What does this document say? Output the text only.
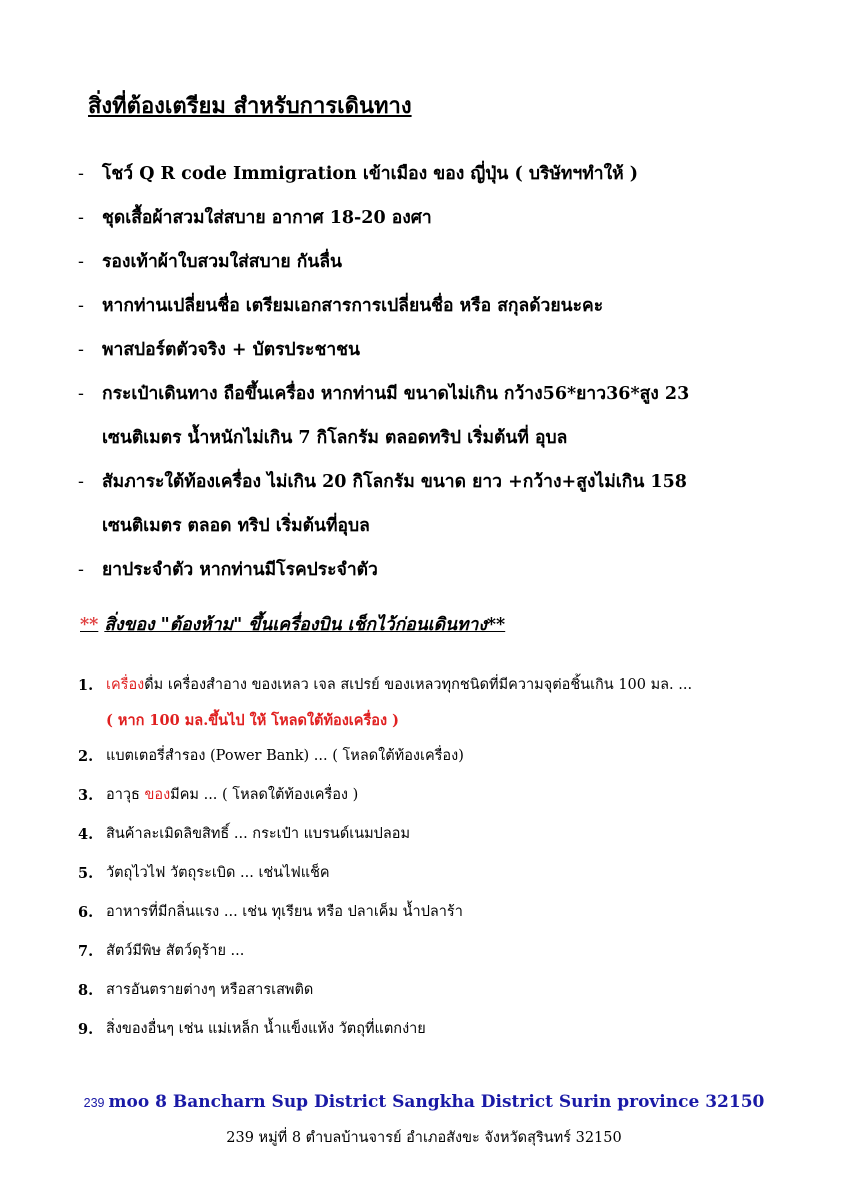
สิ่งที่ต้องเตรียม สำหรับการเดินทาง
-	โชว์ Q R code Immigration เข้าเมือง ของ ญี่ปุ่น ( บริษัทฯทำให้ )
-	ชุดเสื้อผ้าสวมใส่สบาย อากาศ 18-20 องศา
-	รองเท้าผ้าใบสวมใส่สบาย กันลื่น
-	หากท่านเปลี่ยนชื่อ เตรียมเอกสารการเปลี่ยนชื่อ หรือ สกุลด้วยนะคะ
-	พาสปอร์ตตัวจริง + บัตรประชาชน
-	กระเป๋าเดินทาง ถือขึ้นเครื่อง หากท่านมี ขนาดไม่เกิน กว้าง56*ยาว36*สูง 23 เซนติเมตร น้ำหนักไม่เกิน 7 กิโลกรัม ตลอดทริป เริ่มต้นที่ อุบล
-	สัมภาระใต้ท้องเครื่อง ไม่เกิน 20 กิโลกรัม ขนาด ยาว +กว้าง+สูงไม่เกิน 158 เซนติเมตร ตลอด ทริป เริ่มต้นที่อุบล
-	ยาประจำตัว หากท่านมีโรคประจำตัว
** สิ่งของ "ต้องห้าม" ขึ้นเครื่องบิน เช็กไว้ก่อนเดินทาง**
1. เครื่องดื่ม เครื่องสำอาง ของเหลว เจล สเปรย์ ของเหลวทุกชนิดที่มีความจุต่อชิ้นเกิน 100 มล. ...
( หาก 100 มล.ขึ้นไป ให้ โหลดใต้ท้องเครื่อง )
2. แบตเตอรี่สำรอง (Power Bank) ... ( โหลดใต้ท้องเครื่อง)
3. อาวุธ ของมีคม ... ( โหลดใต้ท้องเครื่อง )
4. สินค้าละเมิดลิขสิทธิ์ ... กระเป๋า แบรนด์เนมปลอม
5. วัตถุไวไฟ วัตถุระเบิด ... เช่นไฟแช็ค
6. อาหารที่มีกลิ่นแรง ... เช่น ทุเรียน หรือ ปลาเค็ม น้ำปลาร้า
7. สัตว์มีพิษ สัตว์ดุร้าย ...
8. สารอันตรายต่างๆ หรือสารเสพติด
9. สิ่งของอื่นๆ เช่น แม่เหล็ก น้ำแข็งแห้ง วัตถุที่แตกง่าย

239 moo 8 Bancharn Sup District Sangkha District Surin province 32150

239 หมู่ที่ 8 ตำบลบ้านจารย์ อำเภอสังขะ จังหวัดสุรินทร์ 32150
